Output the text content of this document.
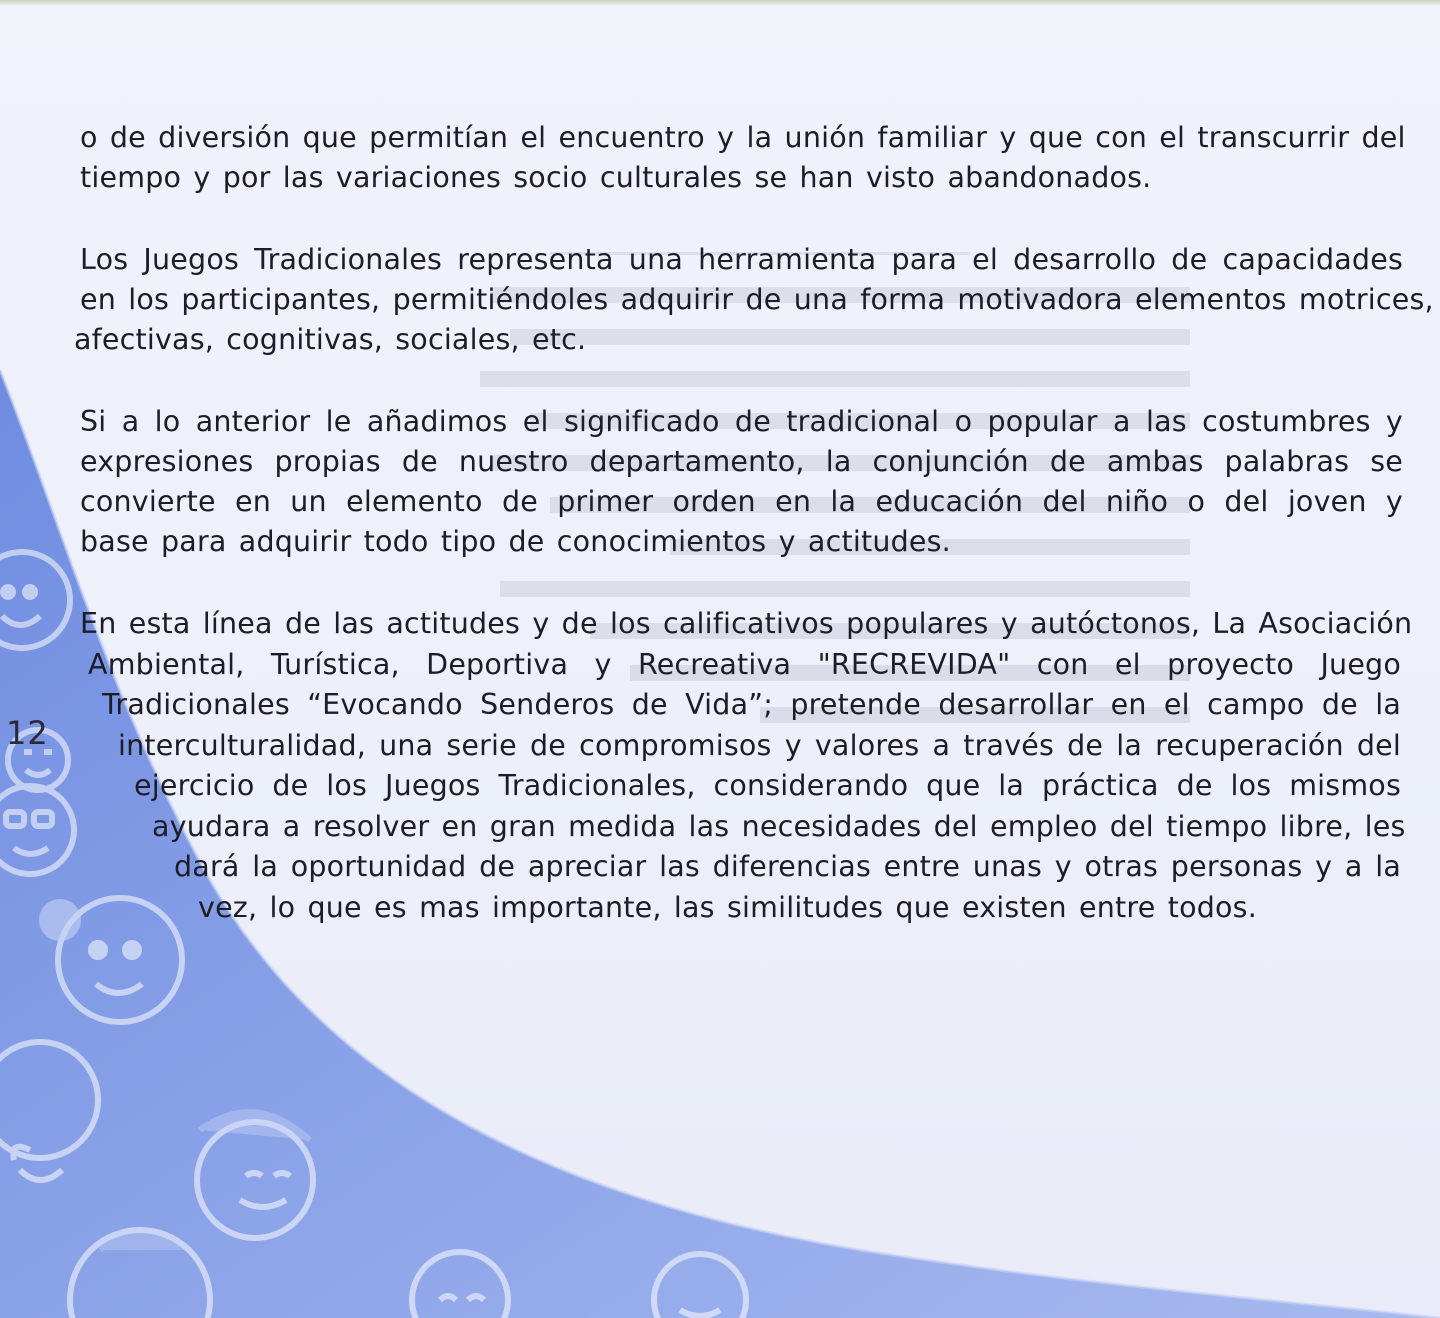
o de diversión que permitían el encuentro y la unión familiar y que con el transcurrir del
tiempo y por las variaciones socio culturales se han visto abandonados.

Los Juegos Tradicionales representa una herramienta para el desarrollo de capacidades
en los participantes, permitiéndoles adquirir de una forma motivadora elementos motrices,
afectivas, cognitivas, sociales, etc.

Si a lo anterior le añadimos el significado de tradicional o popular a las costumbres y
expresiones propias de nuestro departamento, la conjunción de ambas palabras se
convierte en un elemento de primer orden en la educación del niño o del joven y
base para adquirir todo tipo de conocimientos y actitudes.

En esta línea de las actitudes y de los calificativos populares y autóctonos, La Asociación

Ambiental, Turística, Deportiva y Recreativa "RECREVIDA" con el proyecto Juego

Tradicionales “Evocando Senderos de Vida”; pretende desarrollar en el campo de la

interculturalidad, una serie de compromisos y valores a través de la recuperación del

ejercicio de los Juegos Tradicionales, considerando que la práctica de los mismos

ayudara a resolver en gran medida las necesidades del empleo del tiempo libre, les

dará la oportunidad de apreciar las diferencias entre unas y otras personas y a la

vez, lo que es mas importante, las similitudes que existen entre todos.

12
